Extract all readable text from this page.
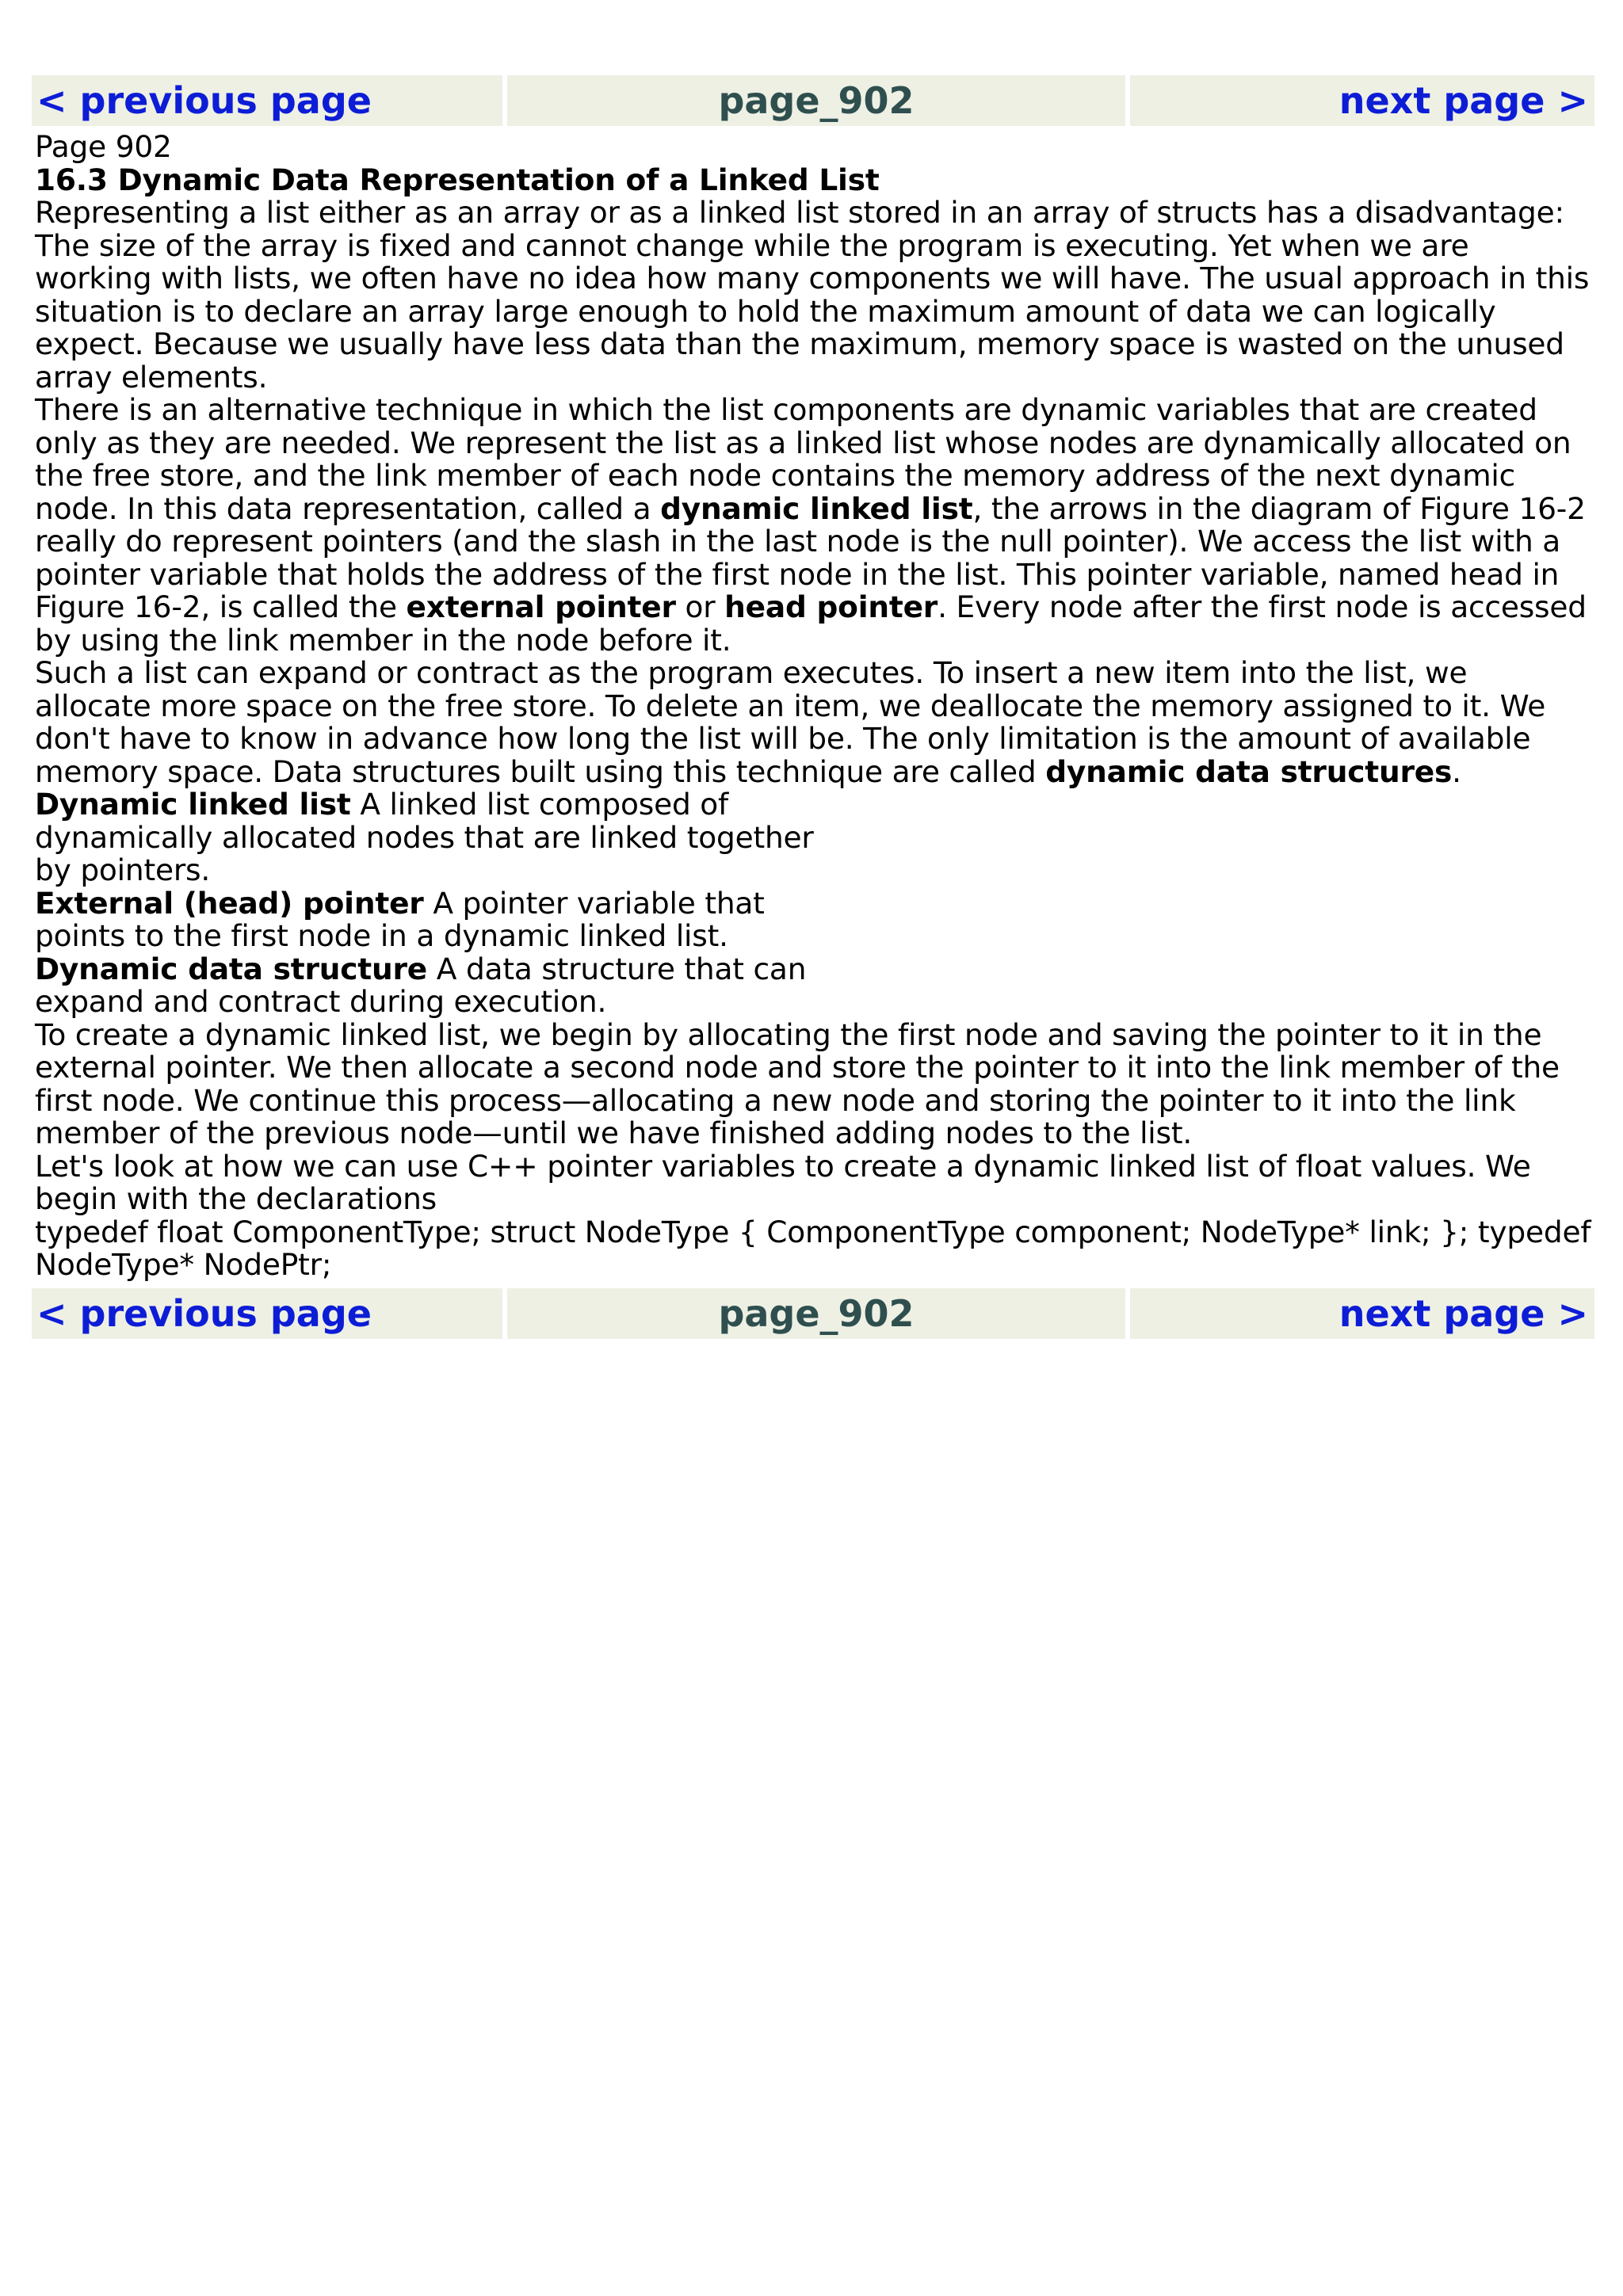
< previous page	page_902	next page >
Page 902
16.3 Dynamic Data Representation of a Linked List

Representing a list either as an array or as a linked list stored in an array of structs has a disadvantage: The size of the array is fixed and cannot change while the program is executing. Yet when we are working with lists, we often have no idea how many components we will have. The usual approach in this situation is to declare an array large enough to hold the maximum amount of data we can logically expect. Because we usually have less data than the maximum, memory space is wasted on the unused array elements.

There is an alternative technique in which the list components are dynamic variables that are created only as they are needed. We represent the list as a linked list whose nodes are dynamically allocated on the free store, and the link member of each node contains the memory address of the next dynamic node. In this data representation, called a dynamic linked list, the arrows in the diagram of Figure 16-2 really do represent pointers (and the slash in the last node is the null pointer). We access the list with a pointer variable that holds the address of the first node in the list. This pointer variable, named head in Figure 16-2, is called the external pointer or head pointer. Every node after the first node is accessed by using the link member in the node before it.

Such a list can expand or contract as the program executes. To insert a new item into the list, we allocate more space on the free store. To delete an item, we deallocate the memory assigned to it. We don't have to know in advance how long the list will be. The only limitation is the amount of available memory space. Data structures built using this technique are called dynamic data structures.

Dynamic linked list A linked list composed of dynamically allocated nodes that are linked together by pointers.
External (head) pointer A pointer variable that points to the first node in a dynamic linked list.
Dynamic data structure A data structure that can expand and contract during execution.

To create a dynamic linked list, we begin by allocating the first node and saving the pointer to it in the external pointer. We then allocate a second node and store the pointer to it into the link member of the first node. We continue this process—allocating a new node and storing the pointer to it into the link member of the previous node—until we have finished adding nodes to the list.

Let's look at how we can use C++ pointer variables to create a dynamic linked list of float values. We begin with the declarations

typedef float ComponentType; struct NodeType { ComponentType component; NodeType* link; }; typedef NodeType* NodePtr;

< previous page	page_902	next page >
